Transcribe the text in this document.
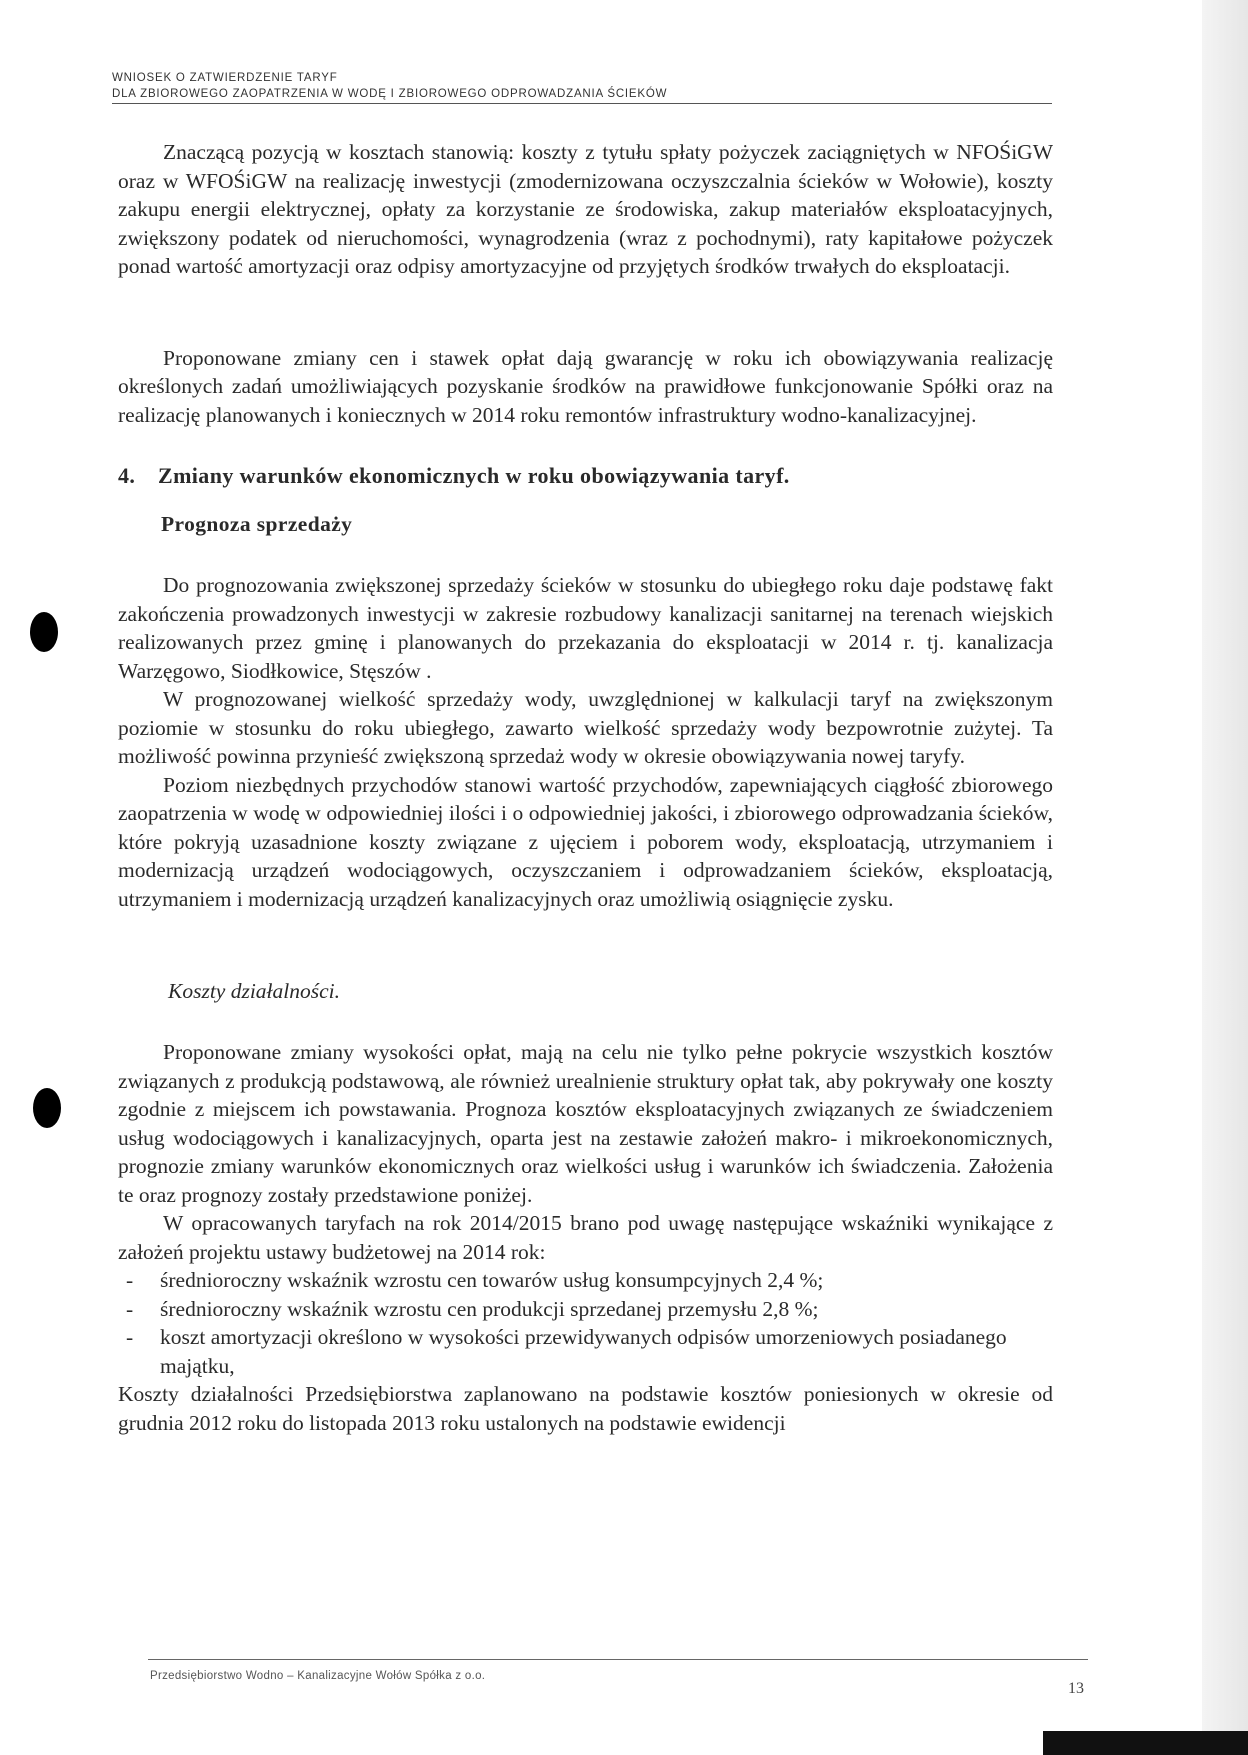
WNIOSEK O ZATWIERDZENIE TARYF
DLA ZBIOROWEGO ZAOPATRZENIA W WODĘ I ZBIOROWEGO ODPROWADZANIA ŚCIEKÓW

Znaczącą pozycją w kosztach stanowią: koszty z tytułu spłaty pożyczek zaciągniętych w NFOŚiGW oraz w WFOŚiGW na realizację inwestycji (zmodernizowana oczyszczalnia ścieków w Wołowie), koszty zakupu energii elektrycznej, opłaty za korzystanie ze środowiska, zakup materiałów eksploatacyjnych, zwiększony podatek od nieruchomości, wynagrodzenia (wraz z pochodnymi), raty kapitałowe pożyczek ponad wartość amortyzacji oraz odpisy amortyzacyjne od przyjętych środków trwałych do eksploatacji.

Proponowane zmiany cen i stawek opłat dają gwarancję w roku ich obowiązywania realizację określonych zadań umożliwiających pozyskanie środków na prawidłowe funkcjonowanie Spółki oraz na realizację planowanych i koniecznych w 2014 roku remontów infrastruktury wodno-kanalizacyjnej.

4.	Zmiany warunków ekonomicznych w roku obowiązywania taryf.
Prognoza sprzedaży

Do prognozowania zwiększonej sprzedaży ścieków w stosunku do ubiegłego roku daje podstawę fakt zakończenia prowadzonych inwestycji w zakresie rozbudowy kanalizacji sanitarnej na terenach wiejskich realizowanych przez gminę i planowanych do przekazania do eksploatacji w 2014 r. tj. kanalizacja Warzęgowo, Siodłkowice, Stęszów .

W prognozowanej wielkość sprzedaży wody, uwzględnionej w kalkulacji taryf na zwiększonym poziomie w stosunku do roku ubiegłego, zawarto wielkość sprzedaży wody bezpowrotnie zużytej. Ta możliwość powinna przynieść zwiększoną sprzedaż wody w okresie obowiązywania nowej taryfy.

Poziom niezbędnych przychodów stanowi wartość przychodów, zapewniających ciągłość zbiorowego zaopatrzenia w wodę w odpowiedniej ilości i o odpowiedniej jakości, i zbiorowego odprowadzania ścieków, które pokryją uzasadnione koszty związane z ujęciem i poborem wody, eksploatacją, utrzymaniem i modernizacją urządzeń wodociągowych, oczyszczaniem i odprowadzaniem ścieków, eksploatacją, utrzymaniem i modernizacją urządzeń kanalizacyjnych oraz umożliwią osiągnięcie zysku.

Koszty działalności.

Proponowane zmiany wysokości opłat, mają na celu nie tylko pełne pokrycie wszystkich kosztów związanych z produkcją podstawową, ale również urealnienie struktury opłat tak, aby pokrywały one koszty zgodnie z miejscem ich powstawania. Prognoza kosztów eksploatacyjnych związanych ze świadczeniem usług wodociągowych i kanalizacyjnych, oparta jest na zestawie założeń makro- i mikroekonomicznych, prognozie zmiany warunków ekonomicznych oraz wielkości usług i warunków ich świadczenia. Założenia te oraz prognozy zostały przedstawione poniżej.

W opracowanych taryfach na rok 2014/2015 brano pod uwagę następujące wskaźniki wynikające z założeń projektu ustawy budżetowej na 2014 rok:

-	średnioroczny wskaźnik wzrostu cen towarów usług konsumpcyjnych 2,4 %;
-	średnioroczny wskaźnik wzrostu cen produkcji sprzedanej przemysłu 2,8 %;
-	koszt amortyzacji określono w wysokości przewidywanych odpisów umorzeniowych posiadanego majątku,

Koszty działalności Przedsiębiorstwa zaplanowano na podstawie kosztów poniesionych w okresie od grudnia 2012 roku do listopada 2013 roku ustalonych na podstawie ewidencji

13
Przedsiębiorstwo Wodno – Kanalizacyjne Wołów Spółka z o.o.
